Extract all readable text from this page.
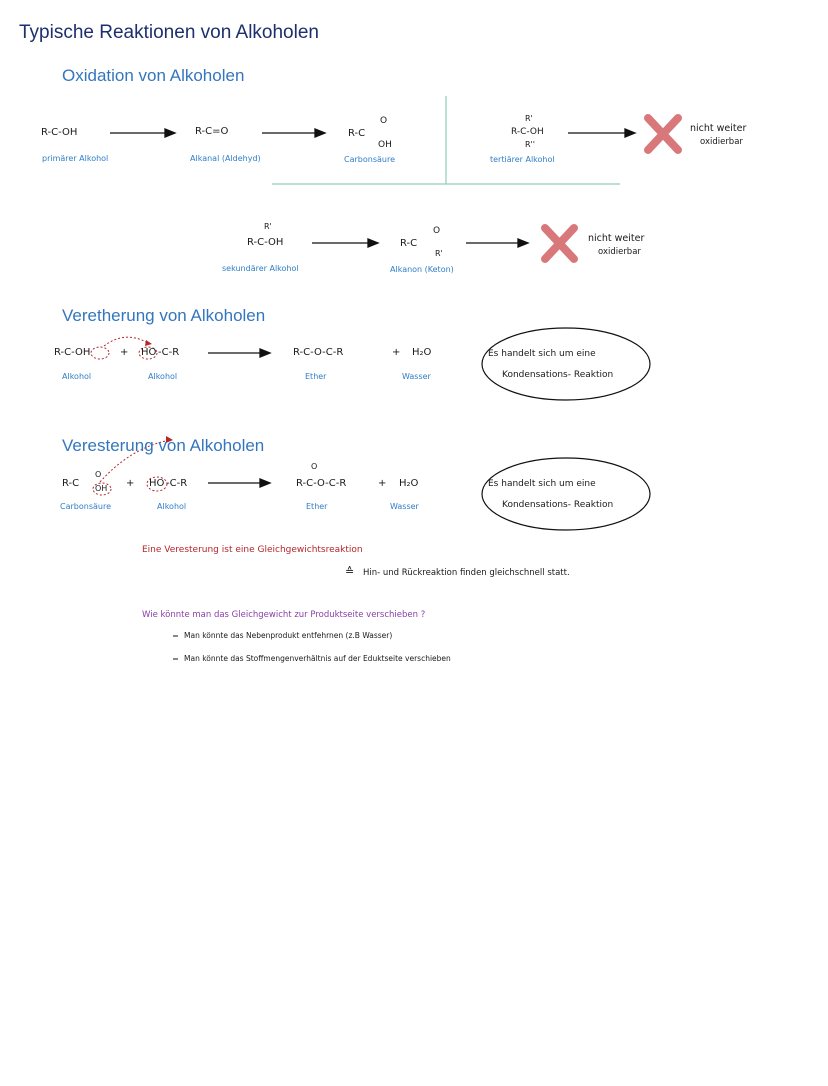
Typische Reaktionen von Alkoholen
Oxidation von Alkoholen
R-C-OH
primärer Alkohol
R-C=O
Alkanal (Aldehyd)
R-C
O
OH
Carbonsäure
R'
R-C-OH
R''
tertiärer Alkohol
nicht weiter
oxidierbar
R'
R-C-OH
sekundärer Alkohol
R-C
O
R'
Alkanon (Keton)
nicht weiter
oxidierbar
Veretherung von Alkoholen
R-C-OH	+ HO -C-R
Alkohol	Alkohol
R-C-O-C-R	+ H₂O
Ether	Wasser
Es handelt sich um eine
Kondensations- Reaktion
Veresterung von Alkoholen
R-C
O
OH + HO -C-R
Carbonsäure	Alkohol
O
R-C-O-C-R	+ H₂O
Ether	Wasser
Es handelt sich um eine
Kondensations- Reaktion
Eine Veresterung ist eine Gleichgewichtsreaktion
≙ Hin- und Rückreaktion finden gleichschnell statt.
Wie könnte man das Gleichgewicht zur Produktseite verschieben ?
Man könnte das Nebenprodukt entfehrnen (z.B Wasser)
Man könnte das Stoffmengenverhältnis auf der Eduktseite verschieben
